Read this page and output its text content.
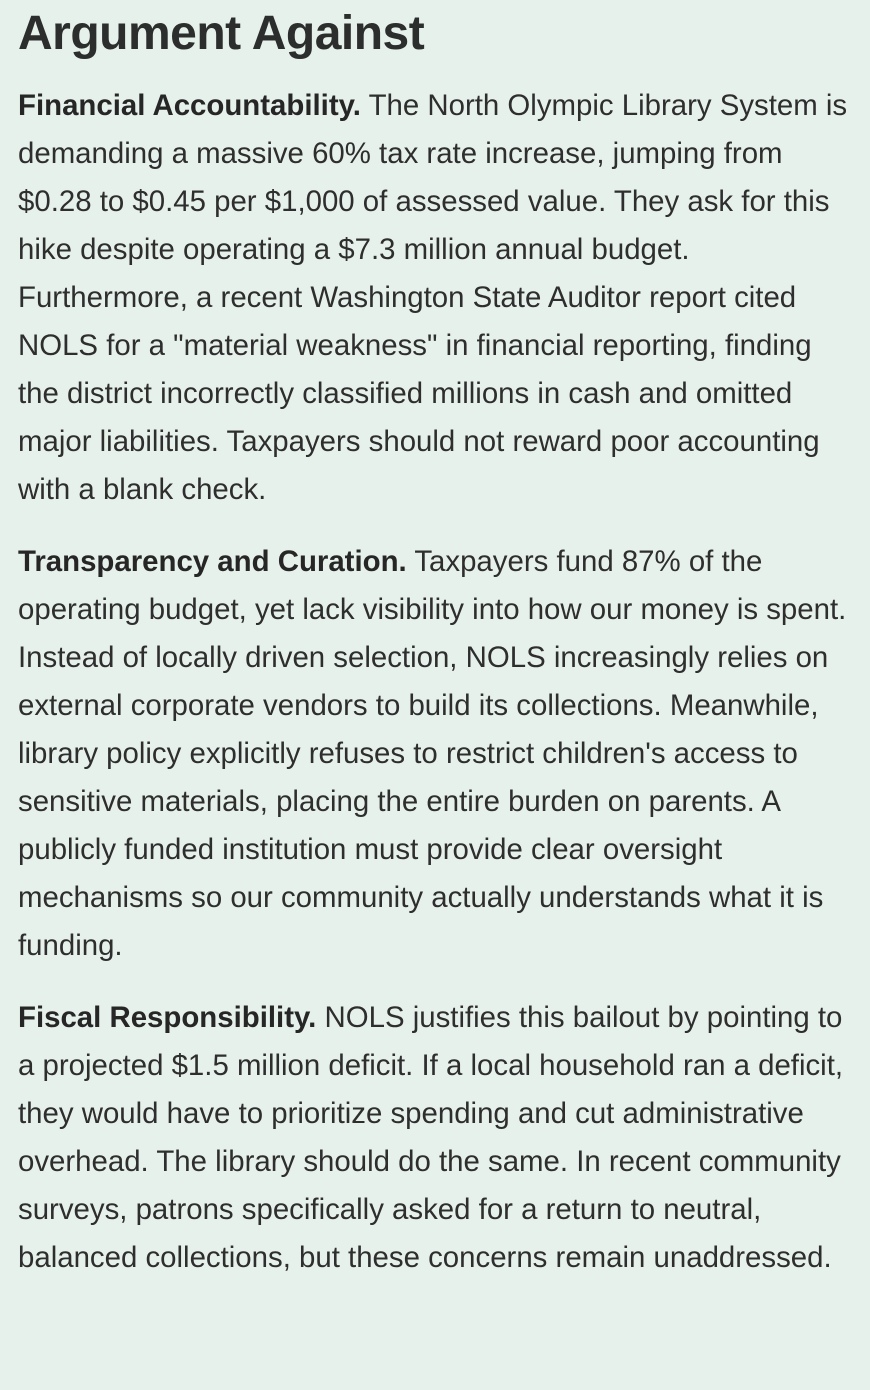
Argument Against

Financial Accountability. The North Olympic Library System is demanding a massive 60% tax rate increase, jumping from $0.28 to $0.45 per $1,000 of assessed value. They ask for this hike despite operating a $7.3 million annual budget. Furthermore, a recent Washington State Auditor report cited NOLS for a "material weakness" in financial reporting, finding the district incorrectly classified millions in cash and omitted major liabilities. Taxpayers should not reward poor accounting with a blank check.

Transparency and Curation. Taxpayers fund 87% of the operating budget, yet lack visibility into how our money is spent. Instead of locally driven selection, NOLS increasingly relies on external corporate vendors to build its collections. Meanwhile, library policy explicitly refuses to restrict children's access to sensitive materials, placing the entire burden on parents. A publicly funded institution must provide clear oversight mechanisms so our community actually understands what it is funding.

Fiscal Responsibility. NOLS justifies this bailout by pointing to a projected $1.5 million deficit. If a local household ran a deficit, they would have to prioritize spending and cut administrative overhead. The library should do the same. In recent community surveys, patrons specifically asked for a return to neutral, balanced collections, but these concerns remain unaddressed.
